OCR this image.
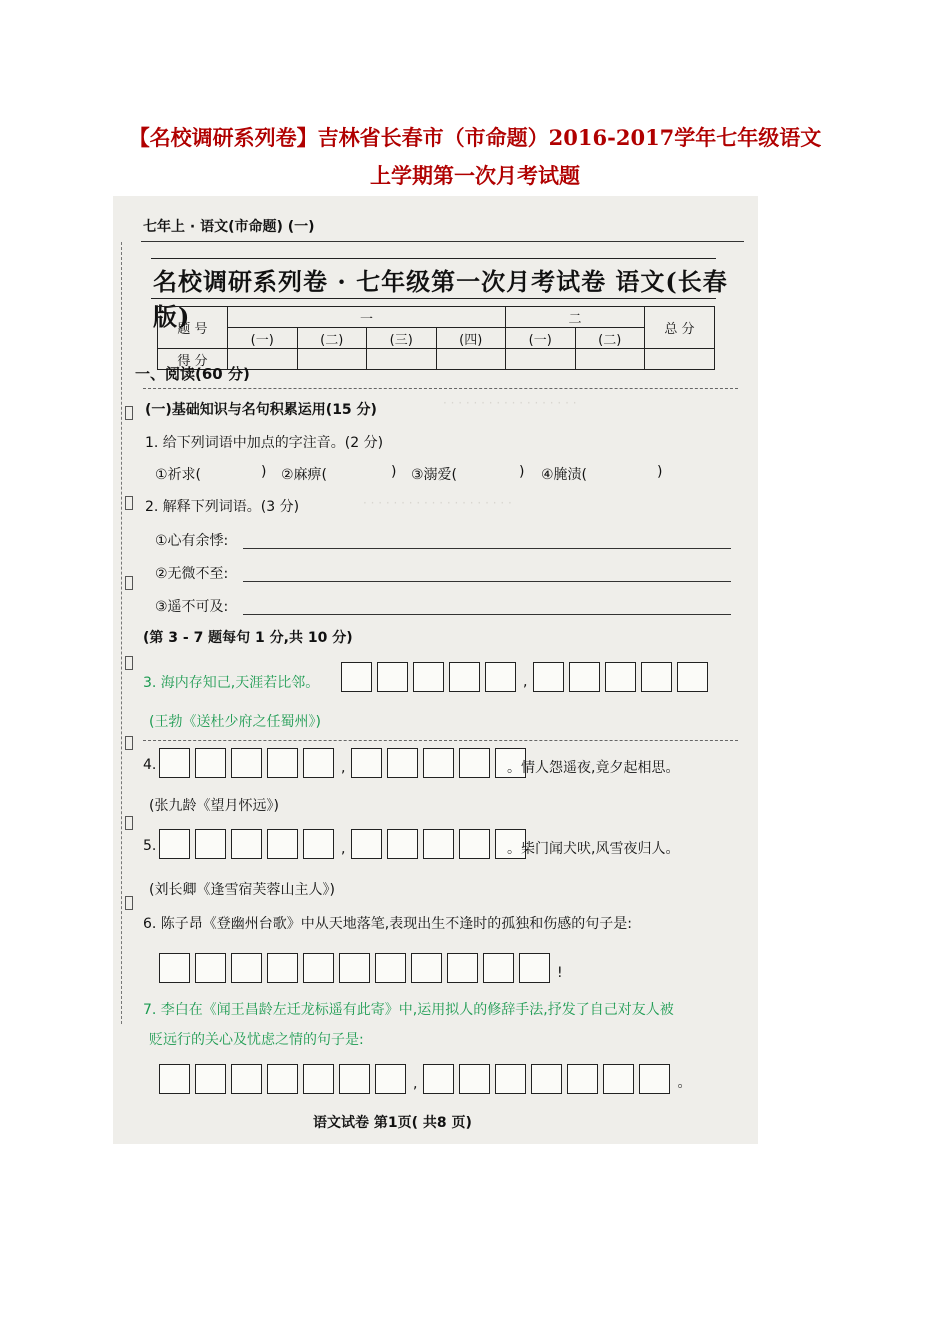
【名校调研系列卷】吉林省长春市（市命题）2016-2017学年七年级语文
上学期第一次月考试题
· · · · · · · · · · · · · · · · · ·
· · · · · · · · · · · · · · · · · · · ·
七年上 · 语文(市命题) (一)
名校调研系列卷 · 七年级第一次月考试卷 语文(长春版)
题 号	一				二		总 分
	(一)	(二)	(三)	(四)	(一)	(二)	
得 分							
一、阅读(60 分)
(一)基础知识与名句积累运用(15 分)
1. 给下列词语中加点的字注音。(2 分)
①祈求(	) ②麻痹(	) ③溺爱(	) ④腌渍(	)
2. 解释下列词语。(3 分)
①心有余悸:
②无微不至:
③遥不可及:
(第 3 - 7 题每句 1 分,共 10 分)
3. 海内存知己,天涯若比邻。	,
(王勃《送杜少府之任蜀州》)
4.	,	。情人怨遥夜,竟夕起相思。
(张九龄《望月怀远》)
5.	,	。柴门闻犬吠,风雪夜归人。
(刘长卿《逢雪宿芙蓉山主人》)
6. 陈子昂《登幽州台歌》中从天地落笔,表现出生不逢时的孤独和伤感的句子是:
!
7. 李白在《闻王昌龄左迁龙标遥有此寄》中,运用拟人的修辞手法,抒发了自己对友人被
贬远行的关心及忧虑之情的句子是:
,	。
语文试卷 第1页( 共8 页)
